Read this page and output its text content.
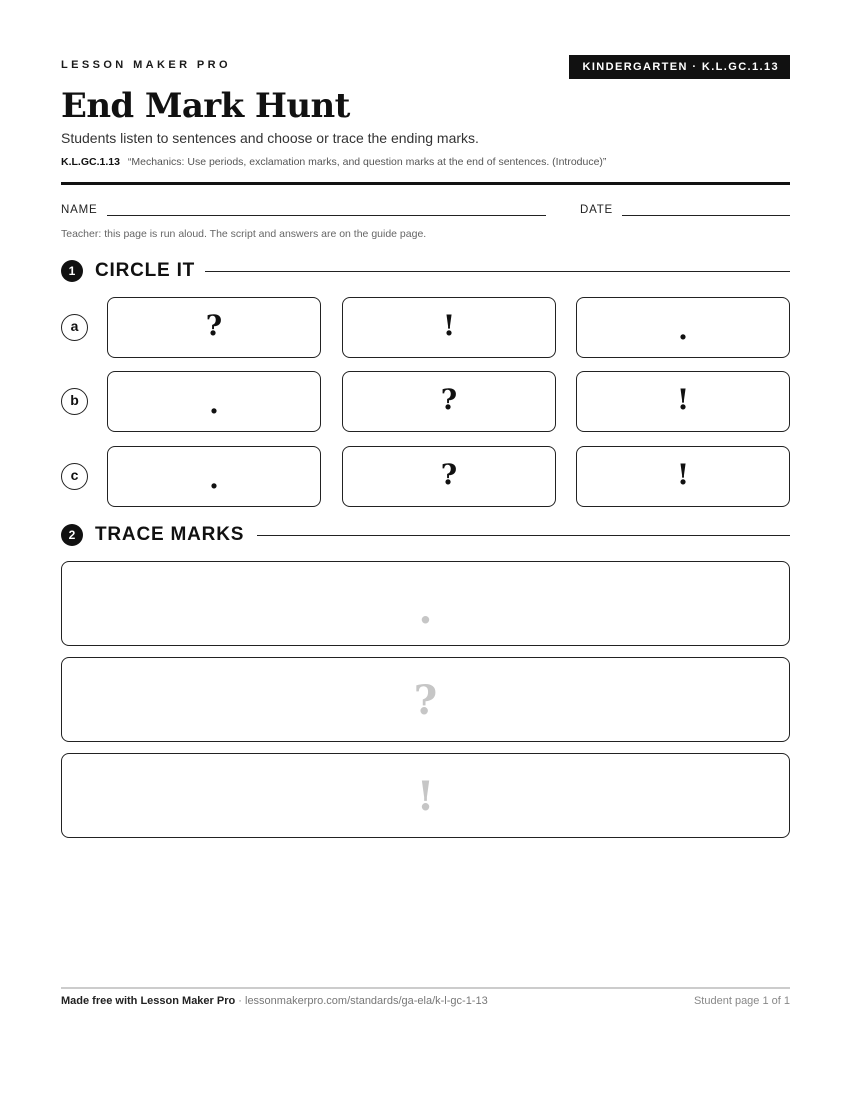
LESSON MAKER PRO	KINDERGARTEN · K.L.GC.1.13
End Mark Hunt

Students listen to sentences and choose or trace the ending marks.

K.L.GC.1.13 “Mechanics: Use periods, exclamation marks, and question marks at the end of sentences. (Introduce)”
NAME	DATE

Teacher: this page is run aloud. The script and answers are on the guide page.

1	CIRCLE IT
a	?	!	.
b	.	?	!
c	.	?	!
2	TRACE MARKS
.
?
!
Made free with Lesson Maker Pro · lessonmakerpro.com/standards/ga-ela/k-l-gc-1-13	Student page 1 of 1
